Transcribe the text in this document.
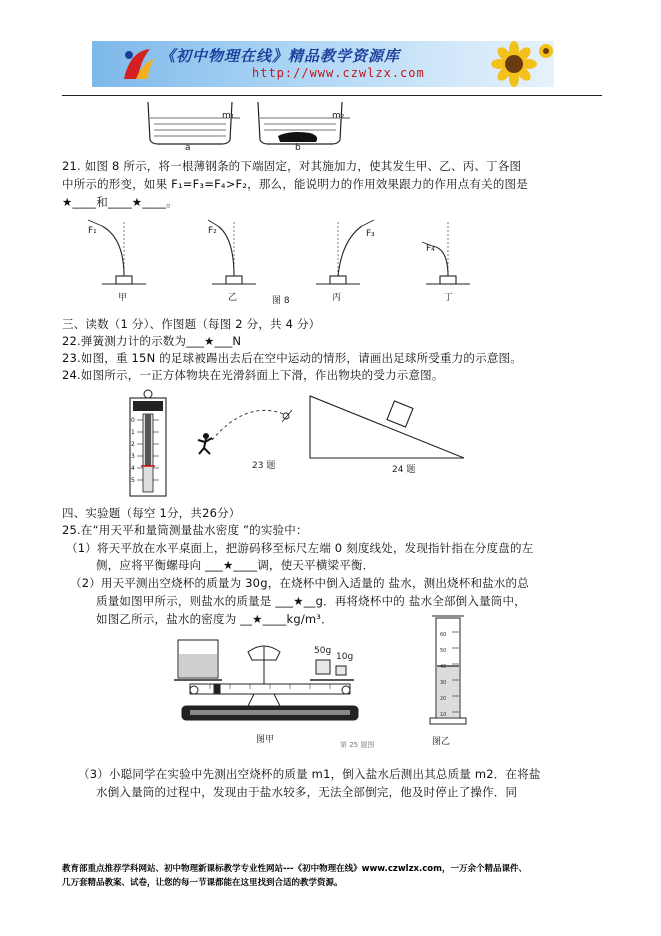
《初中物理在线》精品教学资源库
http://www.czwlzx.com
m₁	m₂
a	b
21. 如图 8 所示，将一根薄钢条的下端固定，对其施加力，使其发生甲、乙、丙、丁各图
中所示的形变，如果 F₁=F₃=F₄>F₂，那么，能说明力的作用效果跟力的作用点有关的图是
★____和____★____。
F₁	F₂	F₃
F₄
甲	乙	丙	丁
图 8
三、读数（1 分）、作图题（每图 2 分，共 4 分）
22.弹簧测力计的示数为___★___N
23.如图，重 15N 的足球被踢出去后在空中运动的情形，请画出足球所受重力的示意图。
24.如图所示，一正方体物块在光滑斜面上下滑，作出物块的受力示意图。
0
1
2
3
4
5
23 题	24 题
四、实验题（每空 1分，共26分）
25.在“用天平和量筒测量盐水密度 ”的实验中：
（1）将天平放在水平桌面上，把游码移至标尺左端 0 刻度线处，发现指针指在分度盘的左
侧，应将平衡螺母向 ___★____调，使天平横梁平衡．
（2）用天平测出空烧杯的质量为 30g，在烧杯中倒入适量的 盐水，测出烧杯和盐水的总
质量如图甲所示，则盐水的质量是 ___★__g．再将烧杯中的 盐水全部倒入量筒中，
如图乙所示，盐水的密度为 __★____kg/m³．
50g
10g
图甲	第 25 题图
60
50
40
30
20
10
图乙
（3）小聪同学在实验中先测出空烧杯的质量 m1，倒入盐水后测出其总质量 m2．在将盐
水倒入量筒的过程中，发现由于盐水较多，无法全部倒完，他及时停止了操作．同
教育部重点推荐学科网站、初中物理新课标教学专业性网站---《初中物理在线》www.czwlzx.com，一万余个精品课件、
几万套精品教案、试卷，让您的每一节课都能在这里找到合适的教学资源。
